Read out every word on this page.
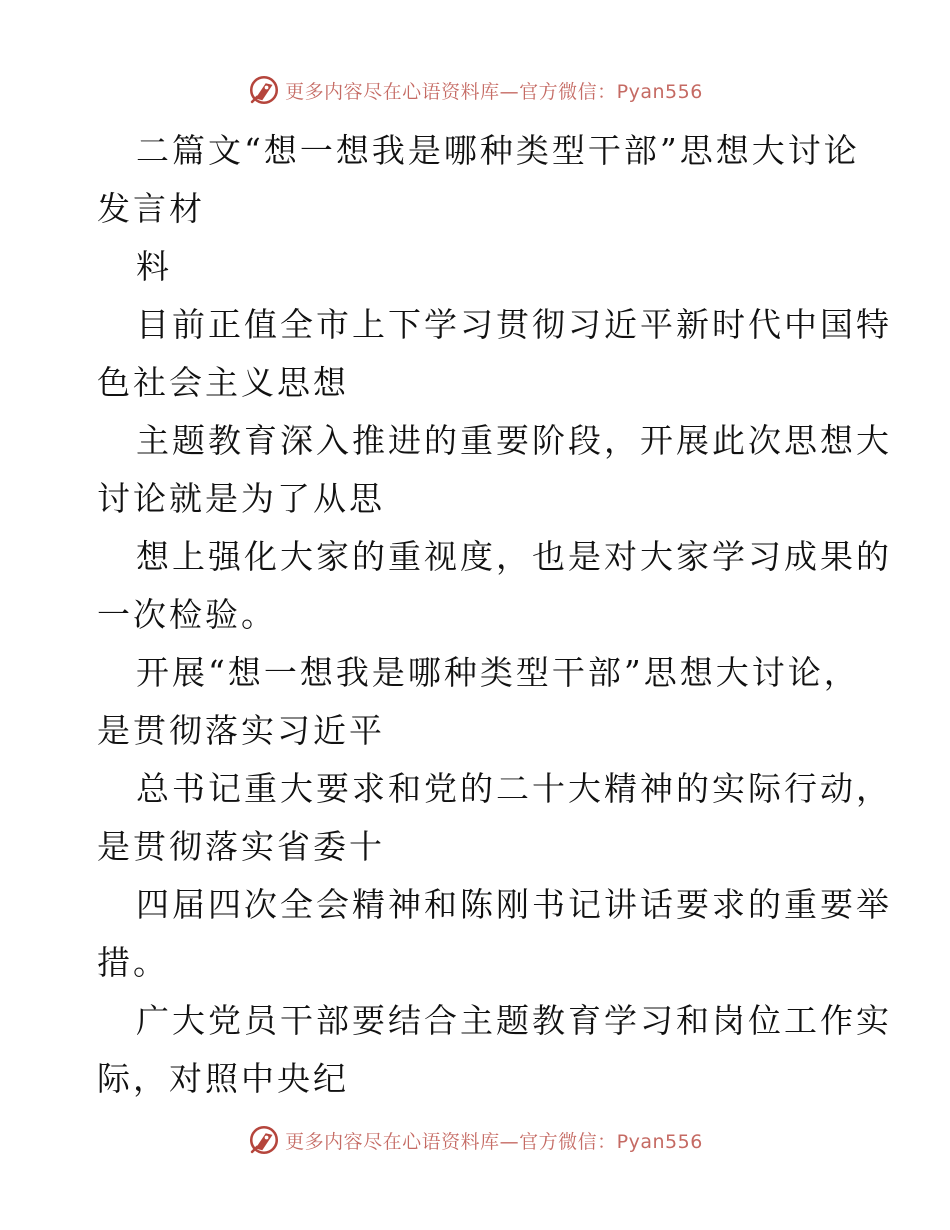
更多内容尽在心语资料库—官方微信：Pyan556
二篇文“想一想我是哪种类型干部”思想大讨论
发言材
料
目前正值全市上下学习贯彻习近平新时代中国特
色社会主义思想
主题教育深入推进的重要阶段，开展此次思想大
讨论就是为了从思
想上强化大家的重视度，也是对大家学习成果的
一次检验。
开展“想一想我是哪种类型干部”思想大讨论，
是贯彻落实习近平
总书记重大要求和党的二十大精神的实际行动，
是贯彻落实省委十
四届四次全会精神和陈刚书记讲话要求的重要举
措。
广大党员干部要结合主题教育学习和岗位工作实
际，对照中央纪
更多内容尽在心语资料库—官方微信：Pyan556
